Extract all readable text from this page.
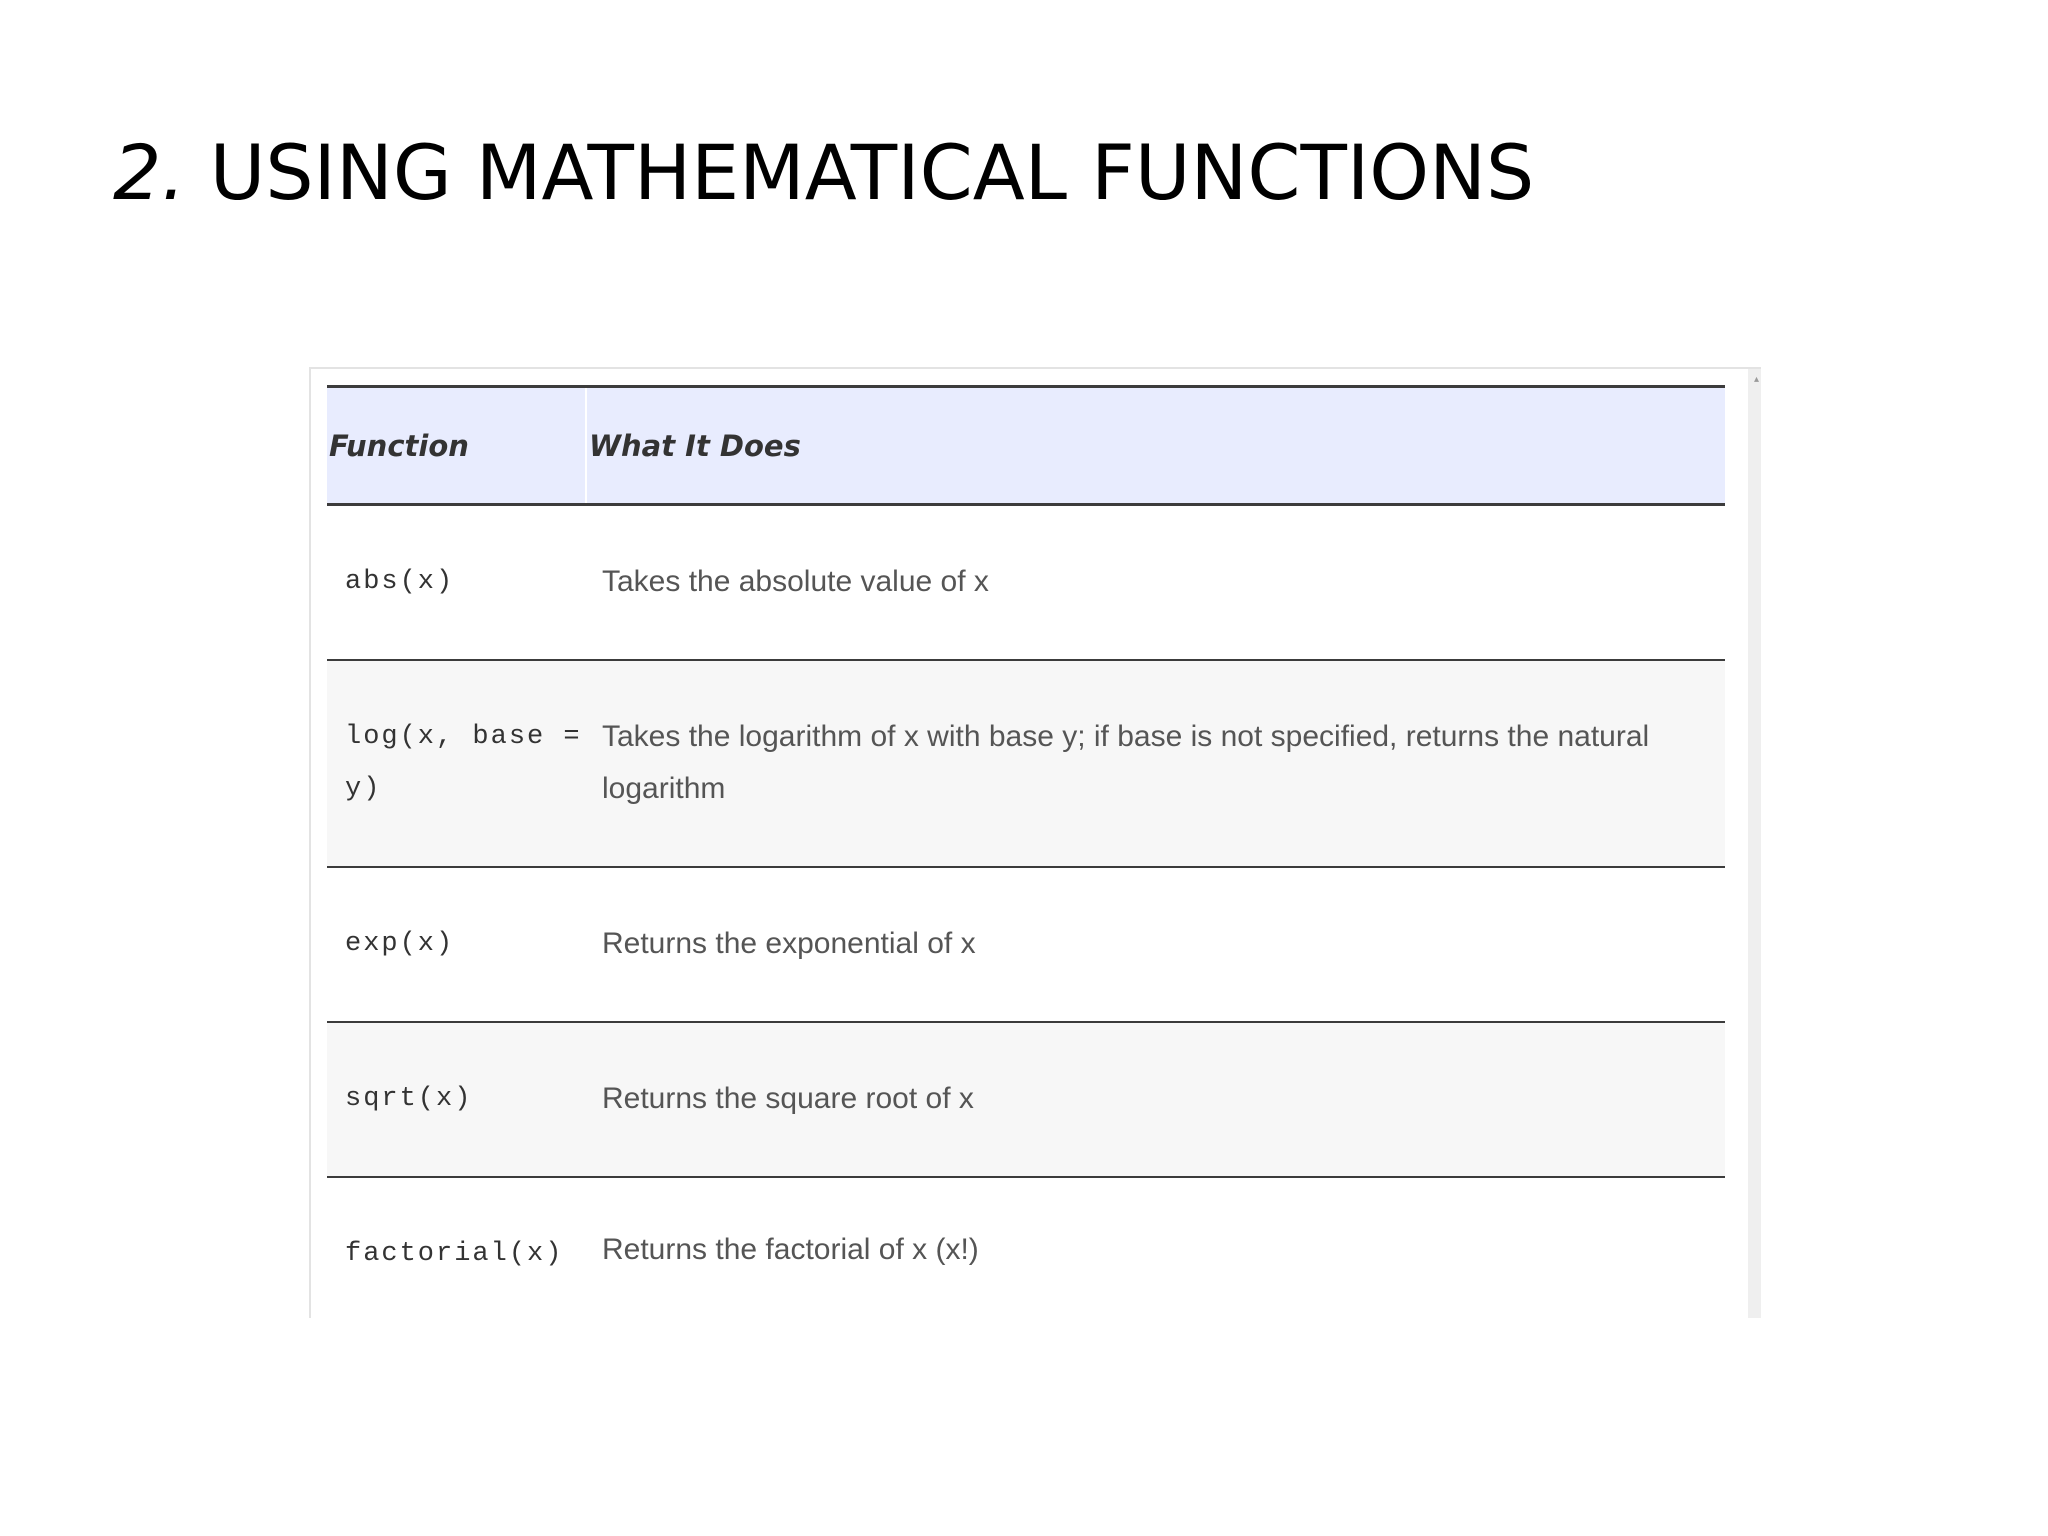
2. USING MATHEMATICAL FUNCTIONS
▴
Function	What It Does
abs(x)	Takes the absolute value of x
log(x, base = y)	Takes the logarithm of x with base y; if base is not specified, returns the natural logarithm
exp(x)	Returns the exponential of x
sqrt(x)	Returns the square root of x
factorial(x)	Returns the factorial of x (x!)
